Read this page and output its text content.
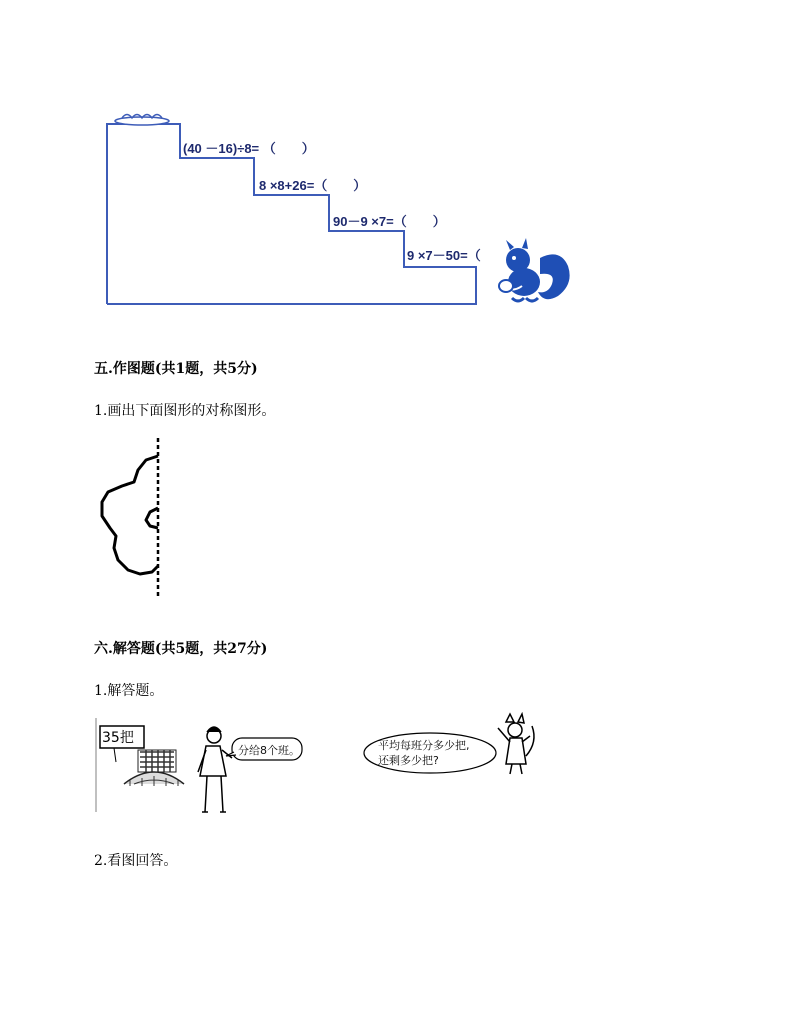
(40 －16)÷8= （　　）
8 ×8+26=（　　）
90－9 ×7=（　　）
9 ×7－50=（
五.作图题(共1题，共5分)
1.画出下面图形的对称图形。
六.解答题(共5题，共27分)
1.解答题。
35把
分给8个班。	平均每班分多少把,
还剩多少把?
2.看图回答。
